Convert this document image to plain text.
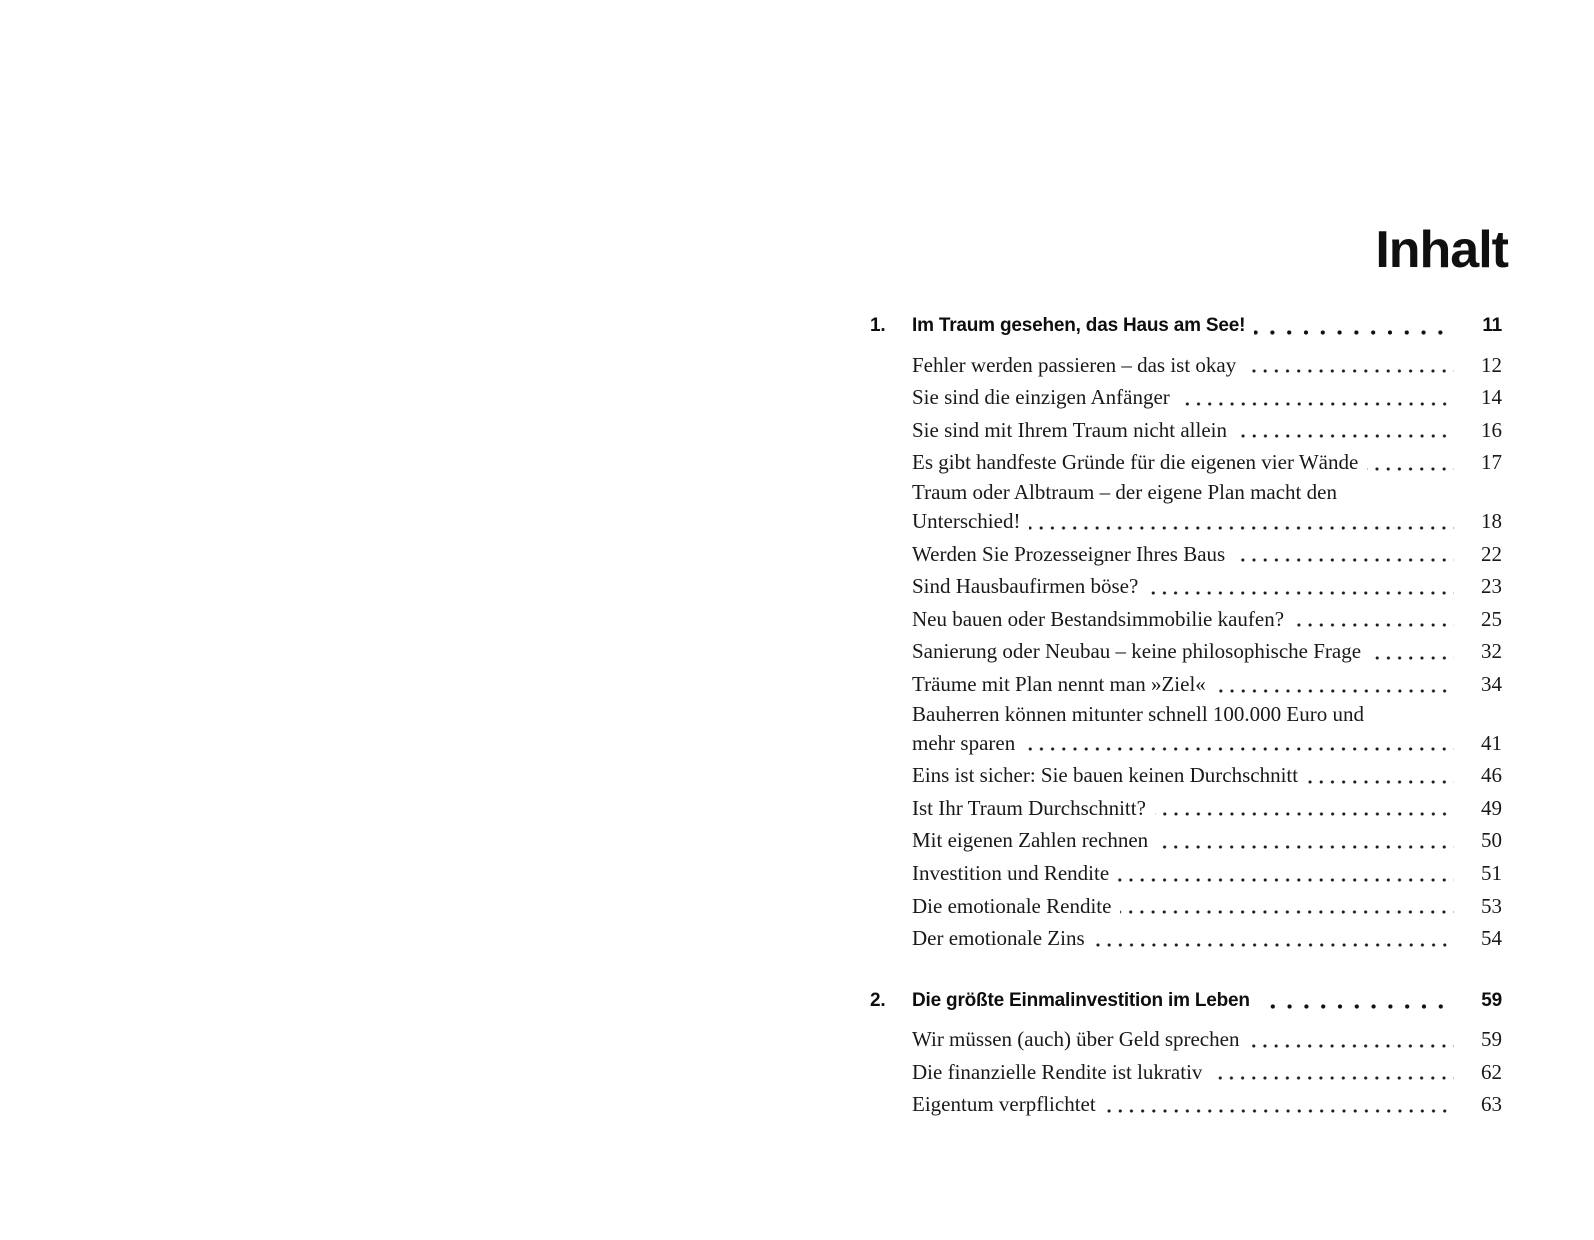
Inhalt
1.	Im Traum gesehen, das Haus am See!	11
Fehler werden passieren – das ist okay	12
Sie sind die einzigen Anfänger	14
Sie sind mit Ihrem Traum nicht allein	16
Es gibt handfeste Gründe für die eigenen vier Wände	17
Traum oder Albtraum – der eigene Plan macht den
Unterschied!	18
Werden Sie Prozesseigner Ihres Baus	22
Sind Hausbaufirmen böse?	23
Neu bauen oder Bestandsimmobilie kaufen?	25
Sanierung oder Neubau – keine philosophische Frage	32
Träume mit Plan nennt man »Ziel«	34
Bauherren können mitunter schnell 100.000 Euro und
mehr sparen	41
Eins ist sicher: Sie bauen keinen Durchschnitt	46
Ist Ihr Traum Durchschnitt?	49
Mit eigenen Zahlen rechnen	50
Investition und Rendite	51
Die emotionale Rendite	53
Der emotionale Zins	54
2.	Die größte Einmalinvestition im Leben	59
Wir müssen (auch) über Geld sprechen	59
Die finanzielle Rendite ist lukrativ	62
Eigentum verpflichtet	63
